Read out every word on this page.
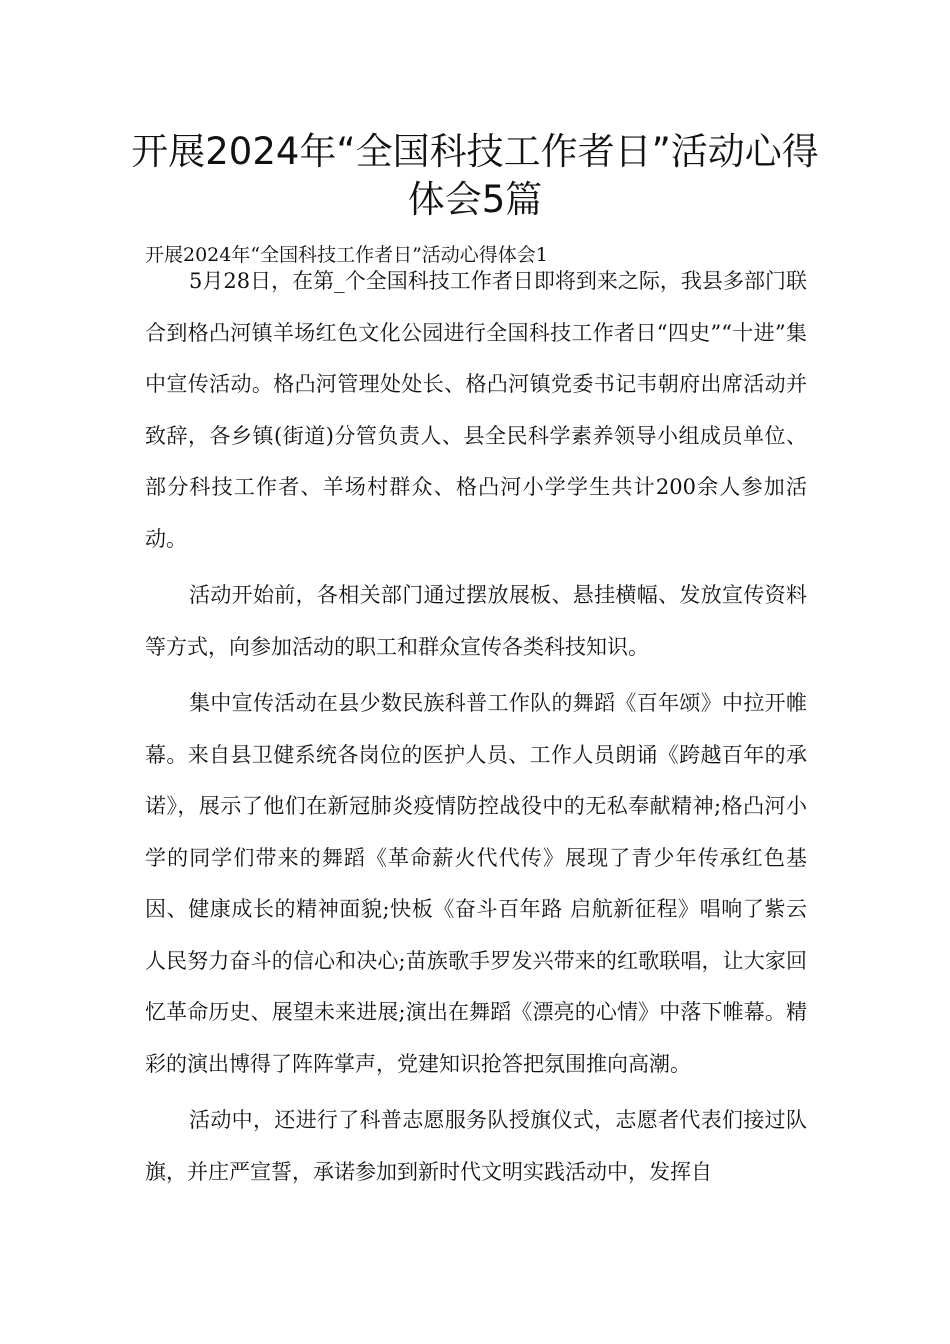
开展2024年“全国科技工作者日”活动心得体会5篇

开展2024年“全国科技工作者日”活动心得体会1

5月28日，在第_个全国科技工作者日即将到来之际，我县多部门联合到格凸河镇羊场红色文化公园进行全国科技工作者日“四史”“十进”集中宣传活动。格凸河管理处处长、格凸河镇党委书记韦朝府出席活动并致辞，各乡镇(街道)分管负责人、县全民科学素养领导小组成员单位、部分科技工作者、羊场村群众、格凸河小学学生共计200余人参加活动。

活动开始前，各相关部门通过摆放展板、悬挂横幅、发放宣传资料等方式，向参加活动的职工和群众宣传各类科技知识。

集中宣传活动在县少数民族科普工作队的舞蹈《百年颂》中拉开帷幕。来自县卫健系统各岗位的医护人员、工作人员朗诵《跨越百年的承诺》，展示了他们在新冠肺炎疫情防控战役中的无私奉献精神;格凸河小学的同学们带来的舞蹈《革命薪火代代传》展现了青少年传承红色基因、健康成长的精神面貌;快板《奋斗百年路 启航新征程》唱响了紫云人民努力奋斗的信心和决心;苗族歌手罗发兴带来的红歌联唱，让大家回忆革命历史、展望未来进展;演出在舞蹈《漂亮的心情》中落下帷幕。精彩的演出博得了阵阵掌声，党建知识抢答把氛围推向高潮。

活动中，还进行了科普志愿服务队授旗仪式，志愿者代表们接过队旗，并庄严宣誓，承诺参加到新时代文明实践活动中，发挥自
